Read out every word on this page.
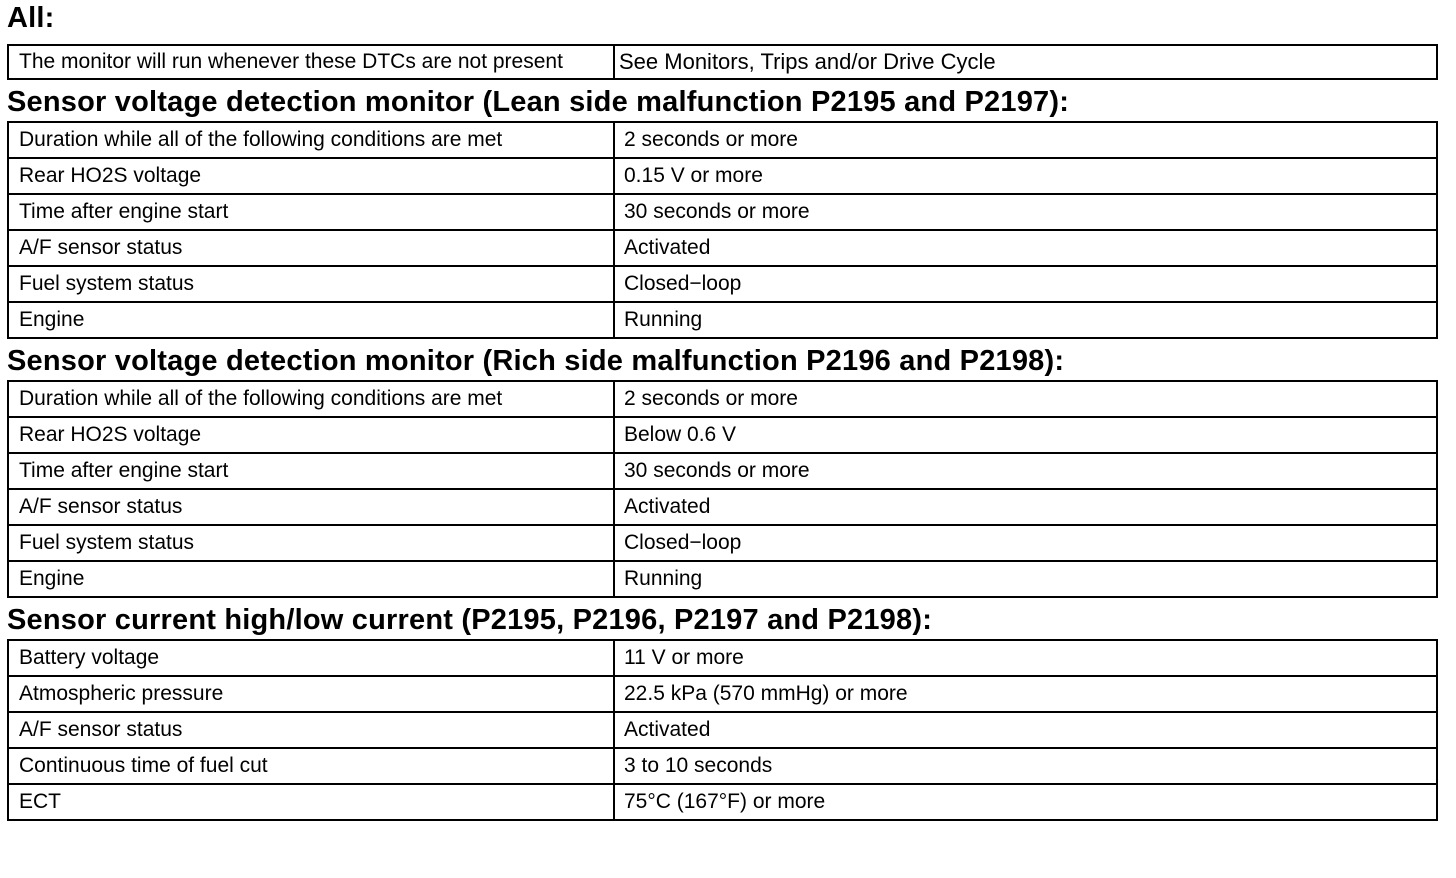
All:
The monitor will run whenever these DTCs are not present	See Monitors, Trips and/or Drive Cycle
Sensor voltage detection monitor (Lean side malfunction P2195 and P2197):
Duration while all of the following conditions are met	2 seconds or more
Rear HO2S voltage	0.15 V or more
Time after engine start	30 seconds or more
A/F sensor status	Activated
Fuel system status	Closed−loop
Engine	Running
Sensor voltage detection monitor (Rich side malfunction P2196 and P2198):
Duration while all of the following conditions are met	2 seconds or more
Rear HO2S voltage	Below 0.6 V
Time after engine start	30 seconds or more
A/F sensor status	Activated
Fuel system status	Closed−loop
Engine	Running
Sensor current high/low current (P2195, P2196, P2197 and P2198):
Battery voltage	11 V or more
Atmospheric pressure	22.5 kPa (570 mmHg) or more
A/F sensor status	Activated
Continuous time of fuel cut	3 to 10 seconds
ECT	75°C (167°F) or more
